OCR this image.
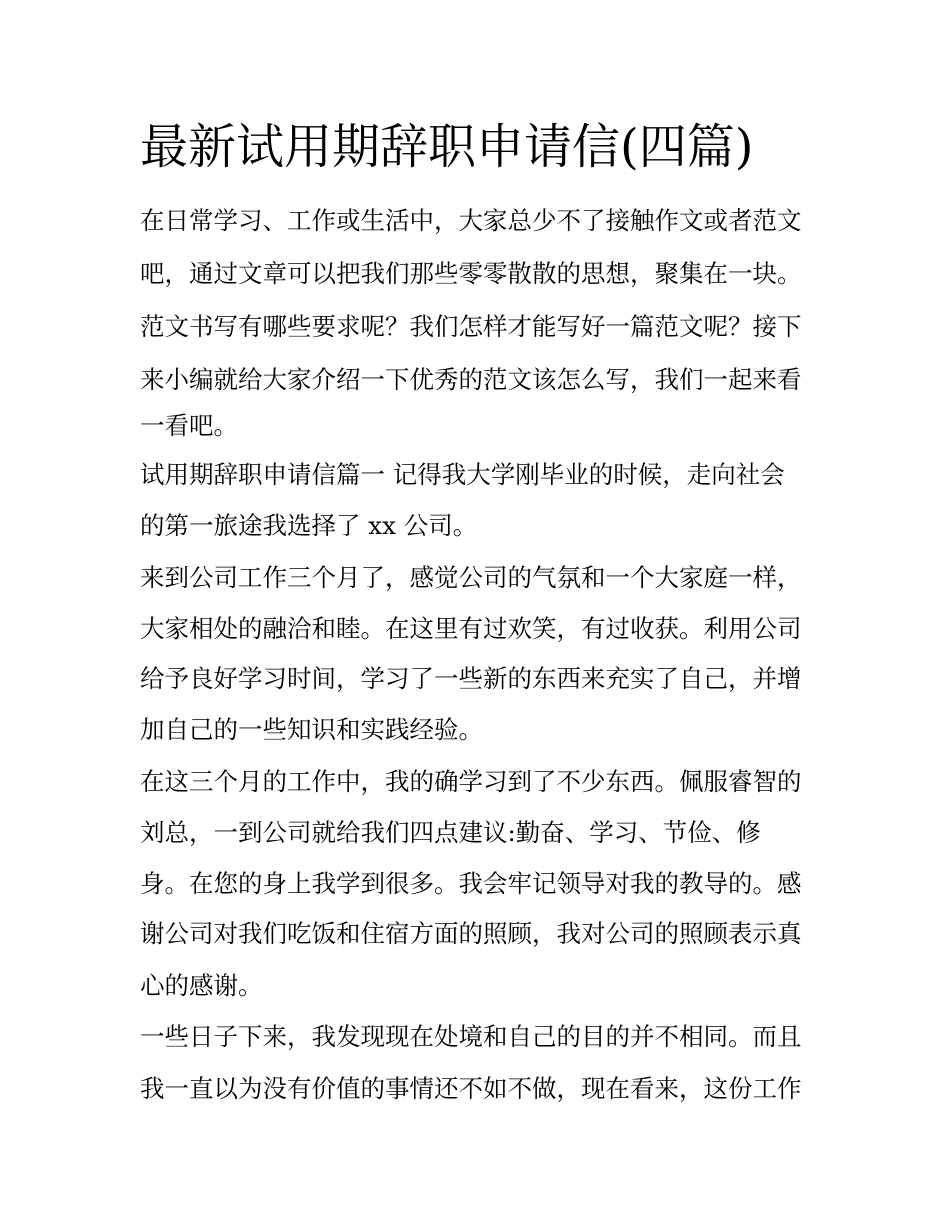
最新试用期辞职申请信(四篇)

在日常学习、工作或生活中，大家总少不了接触作文或者范文

吧，通过文章可以把我们那些零零散散的思想，聚集在一块。

范文书写有哪些要求呢？我们怎样才能写好一篇范文呢？接下

来小编就给大家介绍一下优秀的范文该怎么写，我们一起来看

一看吧。

试用期辞职申请信篇一 记得我大学刚毕业的时候，走向社会

的第一旅途我选择了 xx 公司。

来到公司工作三个月了，感觉公司的气氛和一个大家庭一样，

大家相处的融洽和睦。在这里有过欢笑，有过收获。利用公司

给予良好学习时间，学习了一些新的东西来充实了自己，并增

加自己的一些知识和实践经验。

在这三个月的工作中，我的确学习到了不少东西。佩服睿智的

刘总，一到公司就给我们四点建议:勤奋、学习、节俭、修

身。在您的身上我学到很多。我会牢记领导对我的教导的。感

谢公司对我们吃饭和住宿方面的照顾，我对公司的照顾表示真

心的感谢。

一些日子下来，我发现现在处境和自己的目的并不相同。而且

我一直以为没有价值的事情还不如不做，现在看来，这份工作
